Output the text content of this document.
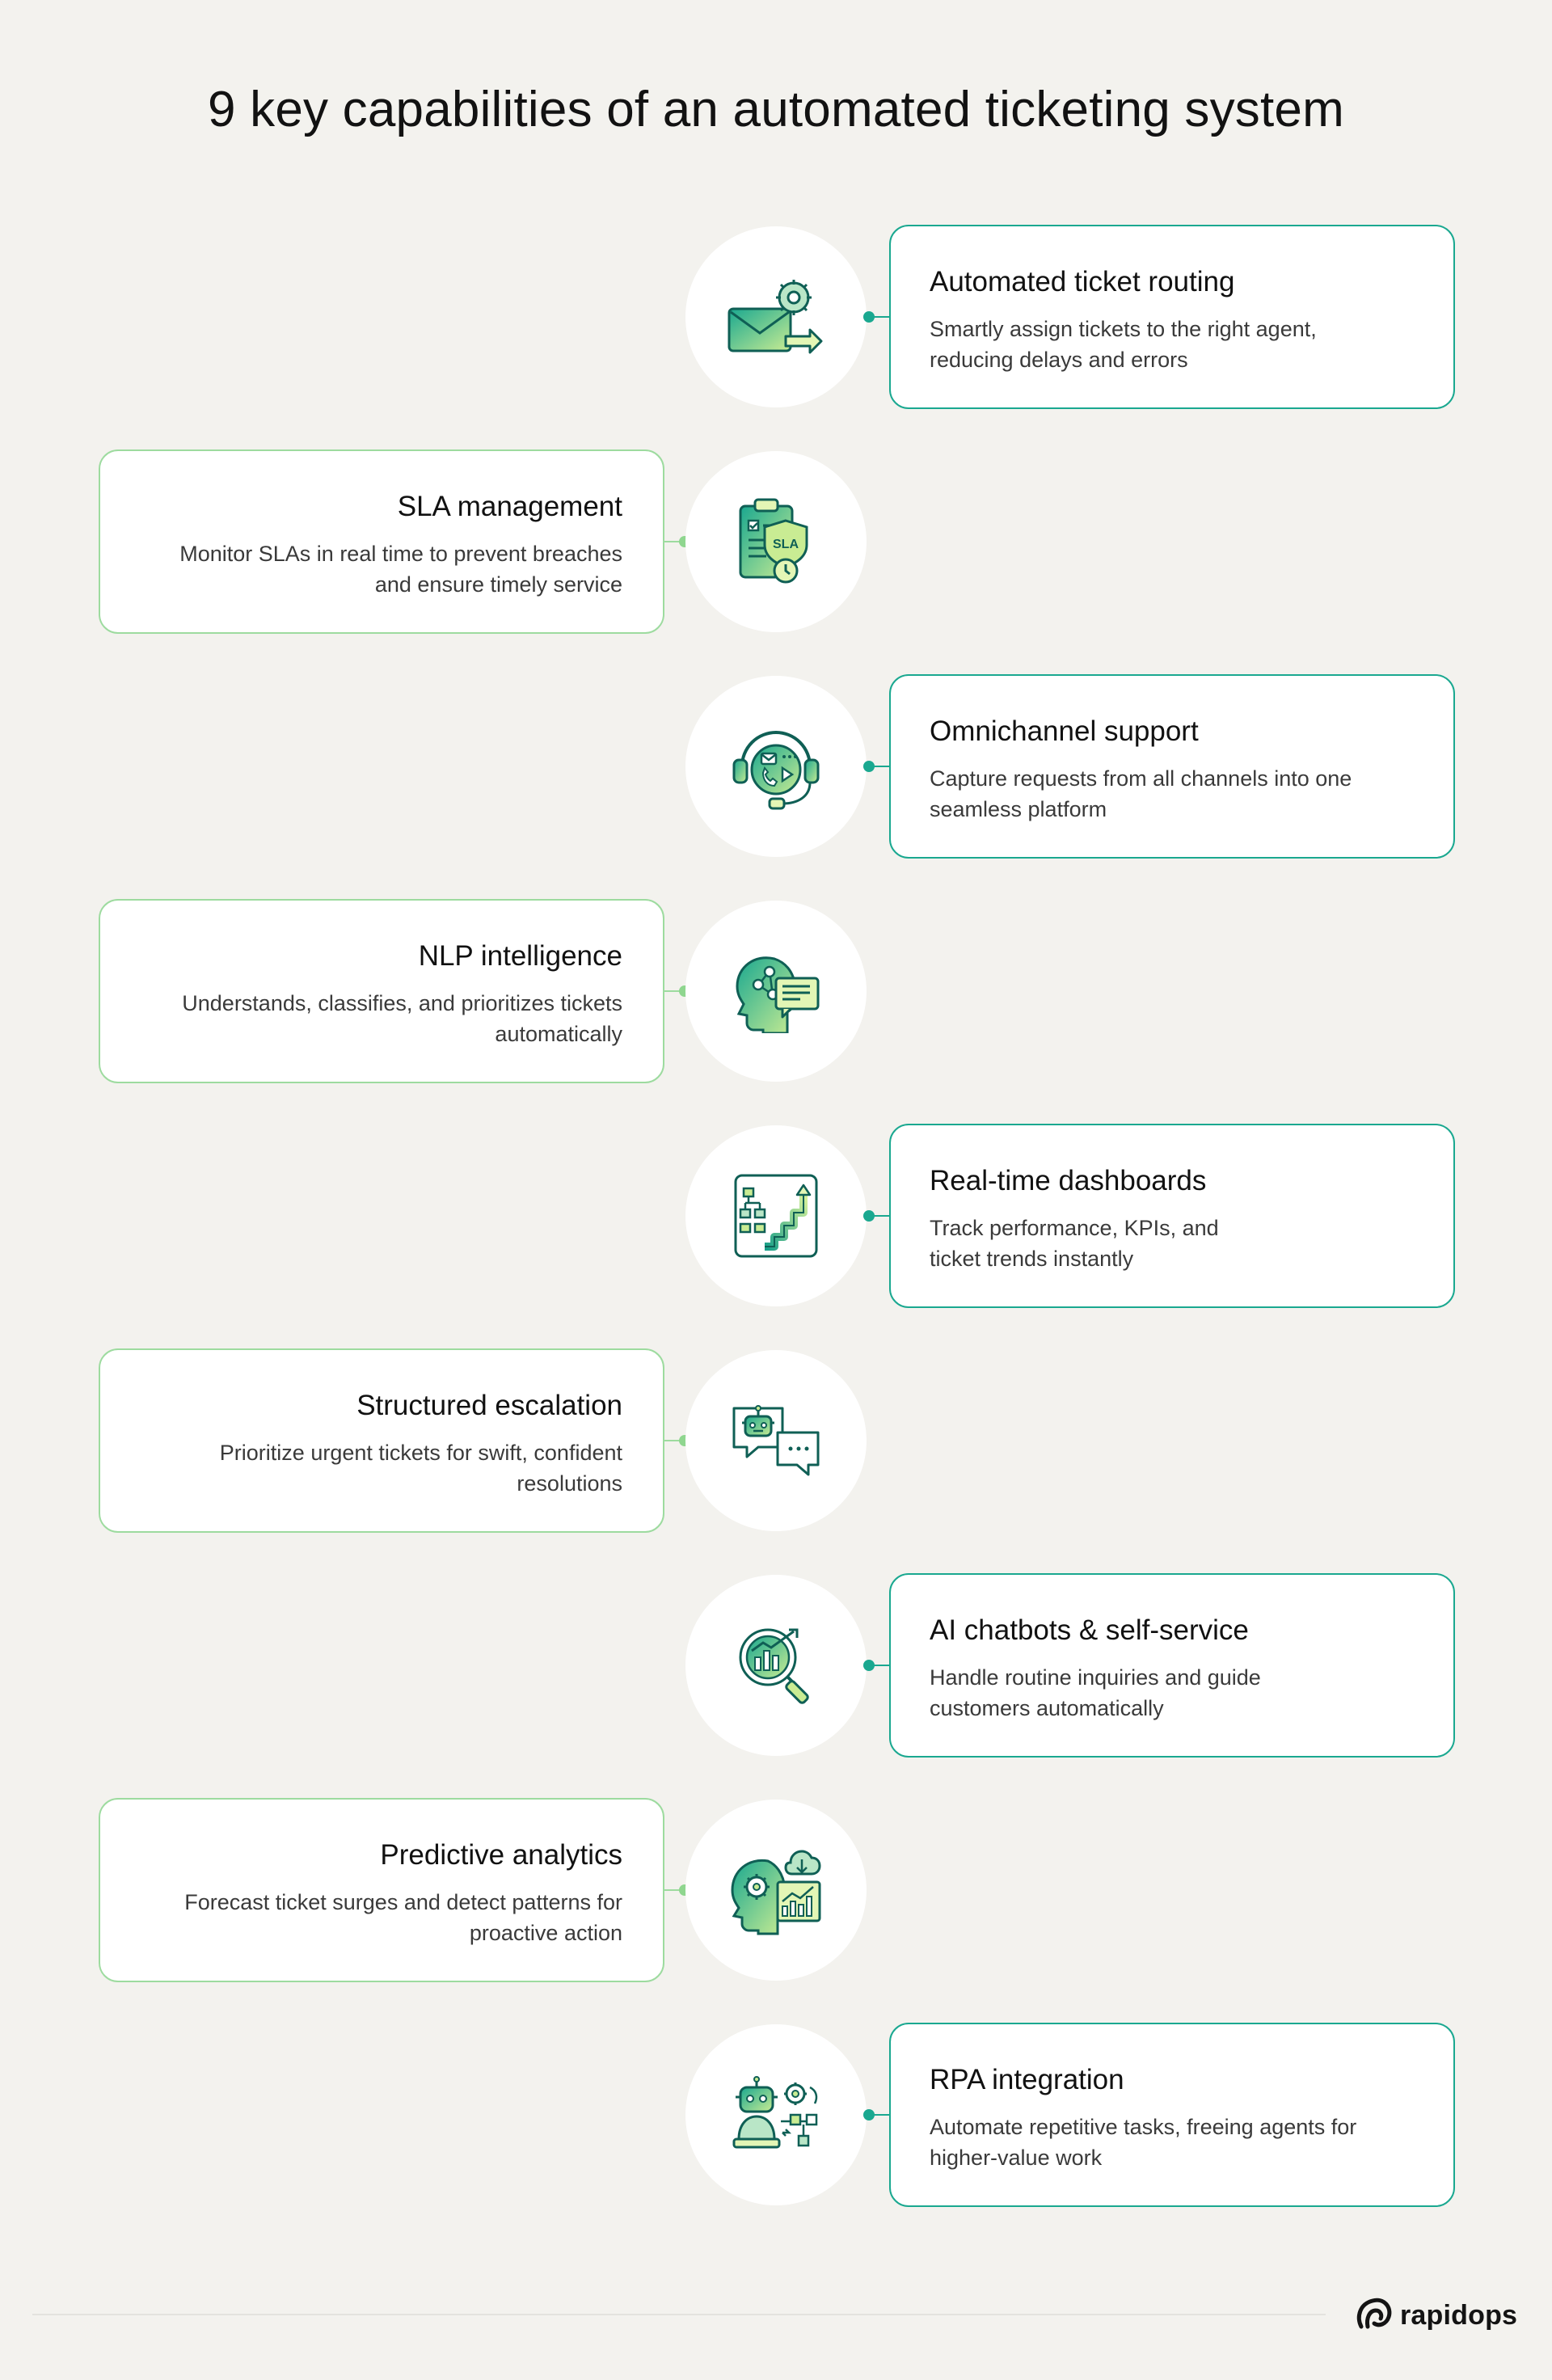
9 key capabilities of an automated ticketing system

Automated ticket routing

Smartly assign tickets to the right agent,
reducing delays and errors

SLA management

Monitor SLAs in real time to prevent breaches
and ensure timely service

SLA

Omnichannel support

Capture requests from all channels into one
seamless platform

NLP intelligence

Understands, classifies, and prioritizes tickets
automatically

Real-time dashboards

Track performance, KPIs, and
ticket trends instantly

Structured escalation

Prioritize urgent tickets for swift, confident
resolutions

AI chatbots & self-service

Handle routine inquiries and guide
customers automatically

Predictive analytics

Forecast ticket surges and detect patterns for
proactive action

RPA integration

Automate repetitive tasks, freeing agents for
higher-value work

rapidops
